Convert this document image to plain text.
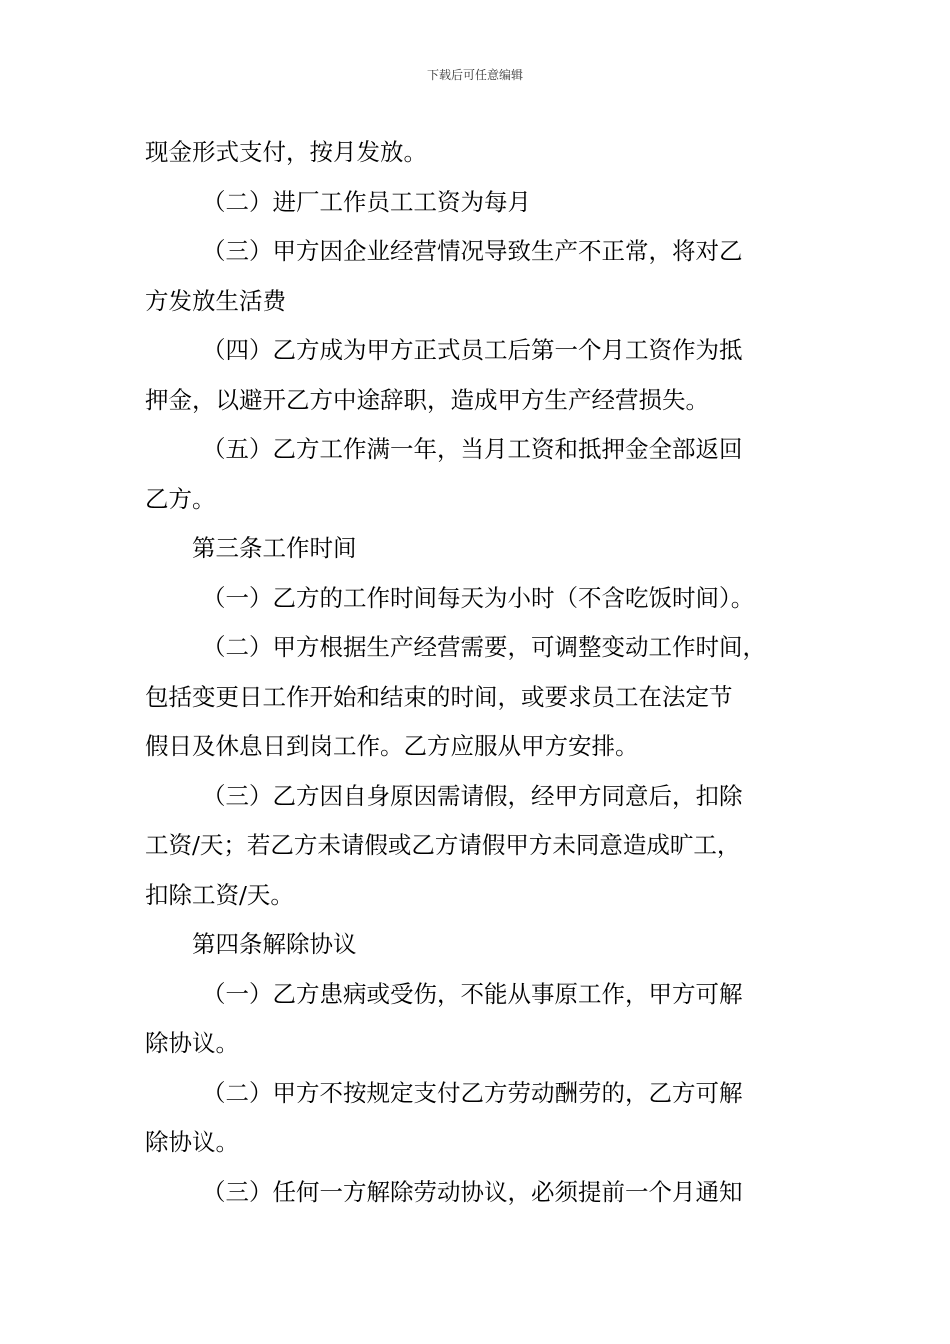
下载后可任意编辑
现金形式支付，按月发放。
（二）进厂工作员工工资为每月
（三）甲方因企业经营情况导致生产不正常，将对乙
方发放生活费
（四）乙方成为甲方正式员工后第一个月工资作为抵
押金，以避开乙方中途辞职，造成甲方生产经营损失。
（五）乙方工作满一年，当月工资和抵押金全部返回
乙方。
第三条工作时间
（一）乙方的工作时间每天为小时（不含吃饭时间）。
（二）甲方根据生产经营需要，可调整变动工作时间，
包括变更日工作开始和结束的时间，或要求员工在法定节
假日及休息日到岗工作。乙方应服从甲方安排。
（三）乙方因自身原因需请假，经甲方同意后，扣除
工资/天；若乙方未请假或乙方请假甲方未同意造成旷工，
扣除工资/天。
第四条解除协议
（一）乙方患病或受伤，不能从事原工作，甲方可解
除协议。
（二）甲方不按规定支付乙方劳动酬劳的，乙方可解
除协议。
（三）任何一方解除劳动协议，必须提前一个月通知
